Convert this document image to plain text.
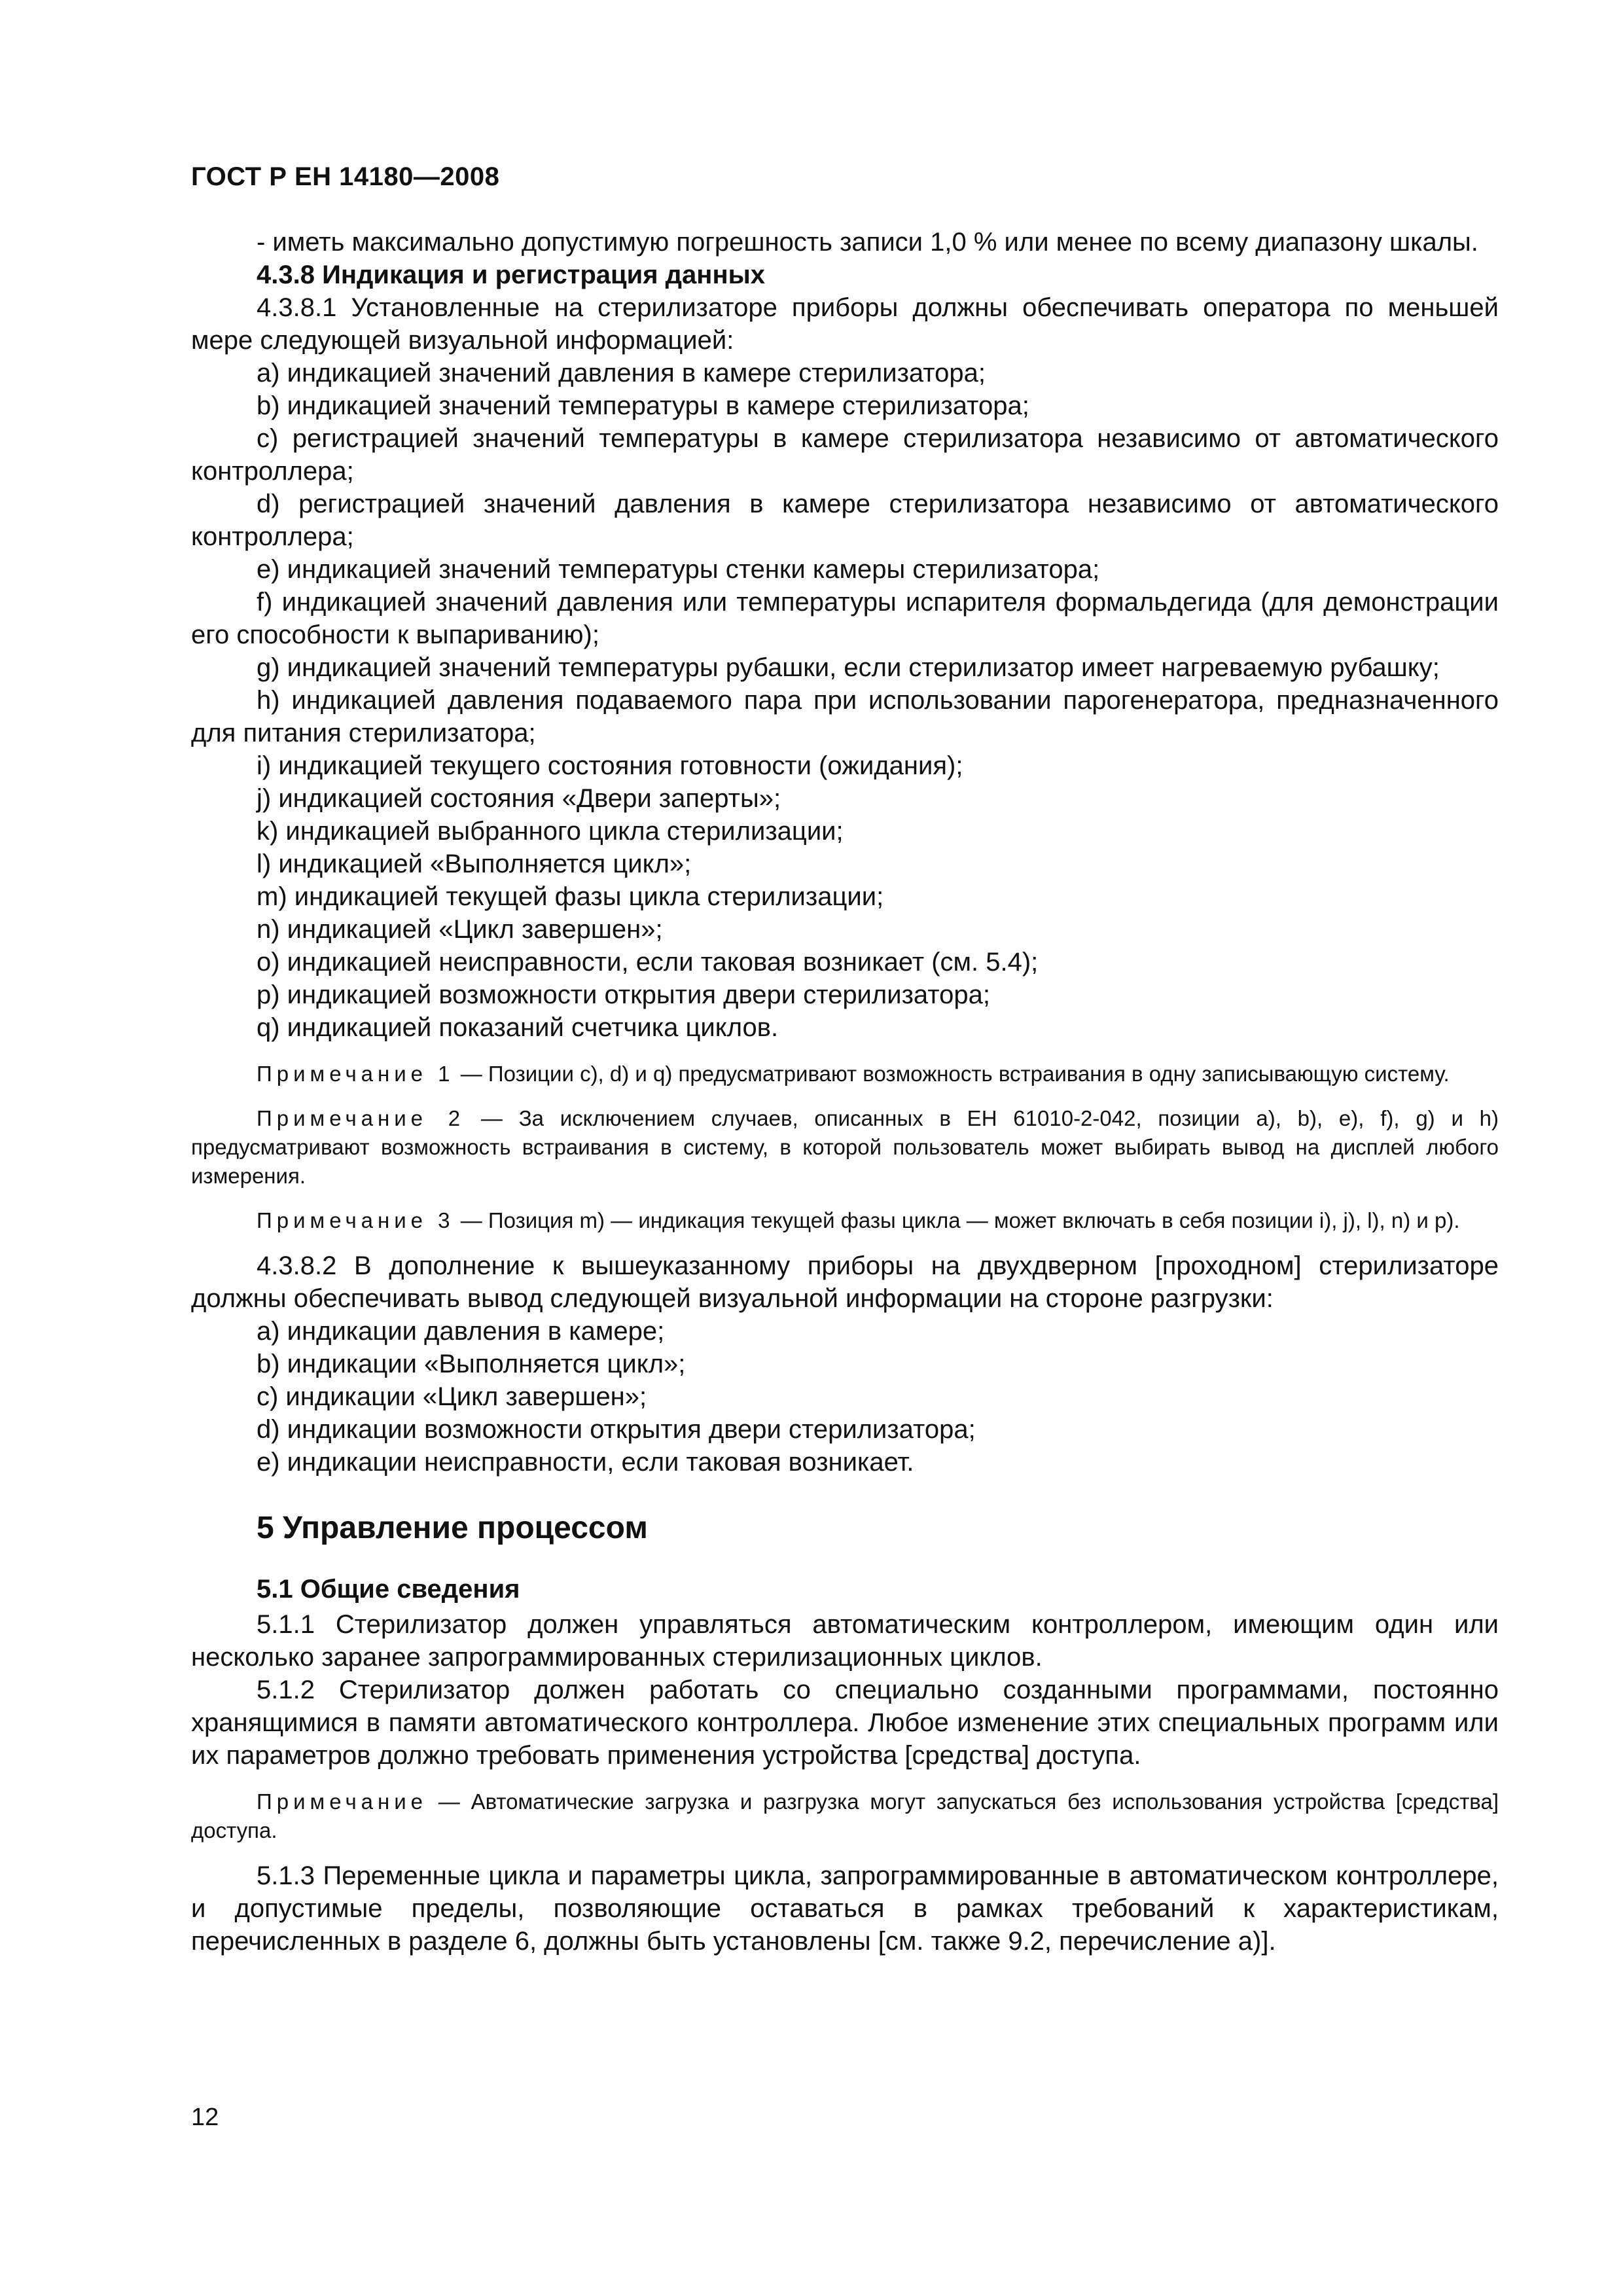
ГОСТ Р ЕН 14180—2008

- иметь максимально допустимую погрешность записи 1,0 % или менее по всему диапазону шкалы.

4.3.8 Индикация и регистрация данных

4.3.8.1 Установленные на стерилизаторе приборы должны обеспечивать оператора по меньшей мере следующей визуальной информацией:

a) индикацией значений давления в камере стерилизатора;

b) индикацией значений температуры в камере стерилизатора;

c) регистрацией значений температуры в камере стерилизатора независимо от автоматического контроллера;

d) регистрацией значений давления в камере стерилизатора независимо от автоматического контроллера;

e) индикацией значений температуры стенки камеры стерилизатора;

f) индикацией значений давления или температуры испарителя формальдегида (для демонстрации его способности к выпариванию);

g) индикацией значений температуры рубашки, если стерилизатор имеет нагреваемую рубашку;

h) индикацией давления подаваемого пара при использовании парогенератора, предназначенного для питания стерилизатора;

i) индикацией текущего состояния готовности (ожидания);

j) индикацией состояния «Двери заперты»;

k) индикацией выбранного цикла стерилизации;

l) индикацией «Выполняется цикл»;

m) индикацией текущей фазы цикла стерилизации;

n) индикацией «Цикл завершен»;

o) индикацией неисправности, если таковая возникает (см. 5.4);

p) индикацией возможности открытия двери стерилизатора;

q) индикацией показаний счетчика циклов.

Примечание 1 — Позиции c), d) и q) предусматривают возможность встраивания в одну записывающую систему.

Примечание 2 — За исключением случаев, описанных в ЕН 61010-2-042, позиции a), b), e), f), g) и h) предусматривают возможность встраивания в систему, в которой пользователь может выбирать вывод на дисплей любого измерения.

Примечание 3 — Позиция m) — индикация текущей фазы цикла — может включать в себя позиции i), j), l), n) и p).

4.3.8.2 В дополнение к вышеуказанному приборы на двухдверном [проходном] стерилизаторе должны обеспечивать вывод следующей визуальной информации на стороне разгрузки:

a) индикации давления в камере;

b) индикации «Выполняется цикл»;

c) индикации «Цикл завершен»;

d) индикации возможности открытия двери стерилизатора;

e) индикации неисправности, если таковая возникает.

5 Управление процессом

5.1 Общие сведения

5.1.1 Стерилизатор должен управляться автоматическим контроллером, имеющим один или несколько заранее запрограммированных стерилизационных циклов.

5.1.2 Стерилизатор должен работать со специально созданными программами, постоянно хранящимися в памяти автоматического контроллера. Любое изменение этих специальных программ или их параметров должно требовать применения устройства [средства] доступа.

Примечание — Автоматические загрузка и разгрузка могут запускаться без использования устройства [средства] доступа.

5.1.3 Переменные цикла и параметры цикла, запрограммированные в автоматическом контроллере, и допустимые пределы, позволяющие оставаться в рамках требований к характеристикам, перечисленных в разделе 6, должны быть установлены [см. также 9.2, перечисление a)].

12
